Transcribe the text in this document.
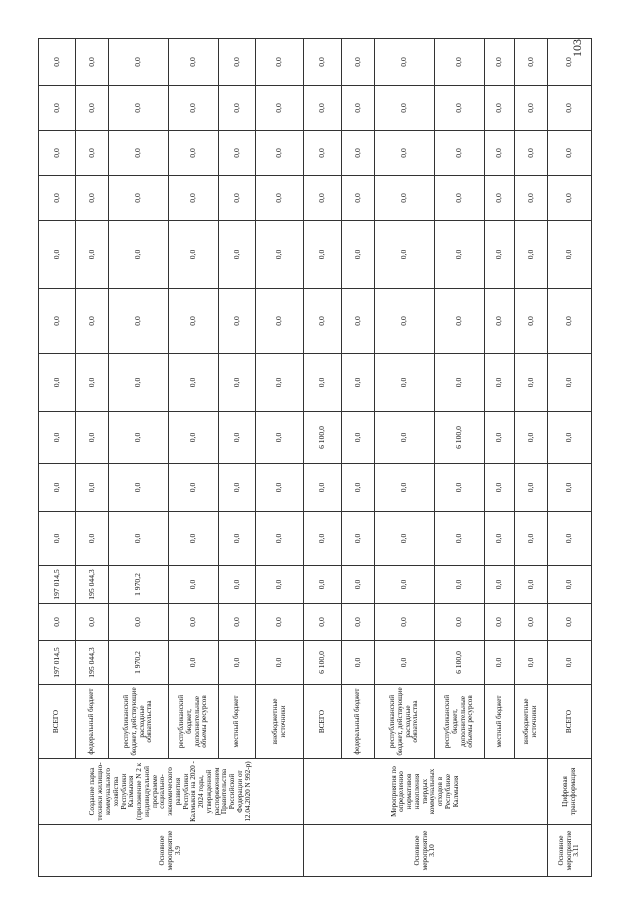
Основное мероприятие 3.9	Создание парка техники жилищно-коммунального хозяйства Республики Калмыкия (приложение N 2 к индивидуальной программе социально-экономического развития Республики Калмыкия на 2020 - 2024 годы, утвержденной распоряжением Правительства Российской Федерации от 12.04.2020 N 992-р)	ВСЕГО	197 014,5	0,0	197 014,5	0,0	0,0	0,0	0,0	0,0	0,0	0,0	0,0	0,0	0,0
		федеральный бюджет	195 044,3	0,0	195 044,3	0,0	0,0	0,0	0,0	0,0	0,0	0,0	0,0	0,0	0,0
		республиканский бюджет, действующие расходные обязательства	1 970,2	0,0	1 970,2	0,0	0,0	0,0	0,0	0,0	0,0	0,0	0,0	0,0	0,0
		республиканский бюджет, дополнительные объемы ресурсов	0,0	0,0	0,0	0,0	0,0	0,0	0,0	0,0	0,0	0,0	0,0	0,0	0,0
		местный бюджет	0,0	0,0	0,0	0,0	0,0	0,0	0,0	0,0	0,0	0,0	0,0	0,0	0,0
		внебюджетные источники	0,0	0,0	0,0	0,0	0,0	0,0	0,0	0,0	0,0	0,0	0,0	0,0	0,0
Основное мероприятие 3.10	Мероприятия по определению нормативов накопления твердых коммунальных отходов в Республике Калмыкия	ВСЕГО	6 100,0	0,0	0,0	0,0	0,0	6 100,0	0,0	0,0	0,0	0,0	0,0	0,0	0,0
		федеральный бюджет	0,0	0,0	0,0	0,0	0,0	0,0	0,0	0,0	0,0	0,0	0,0	0,0	0,0
		республиканский бюджет, действующие расходные обязательства	0,0	0,0	0,0	0,0	0,0	0,0	0,0	0,0	0,0	0,0	0,0	0,0	0,0
		республиканский бюджет, дополнительные объемы ресурсов	6 100,0	0,0	0,0	0,0	0,0	6 100,0	0,0	0,0	0,0	0,0	0,0	0,0	0,0
		местный бюджет	0,0	0,0	0,0	0,0	0,0	0,0	0,0	0,0	0,0	0,0	0,0	0,0	0,0
		внебюджетные источники	0,0	0,0	0,0	0,0	0,0	0,0	0,0	0,0	0,0	0,0	0,0	0,0	0,0
Основное мероприятие 3.11	Цифровая трансформация	ВСЕГО	0,0	0,0	0,0	0,0	0,0	0,0	0,0	0,0	0,0	0,0	0,0	0,0	0,0
103
